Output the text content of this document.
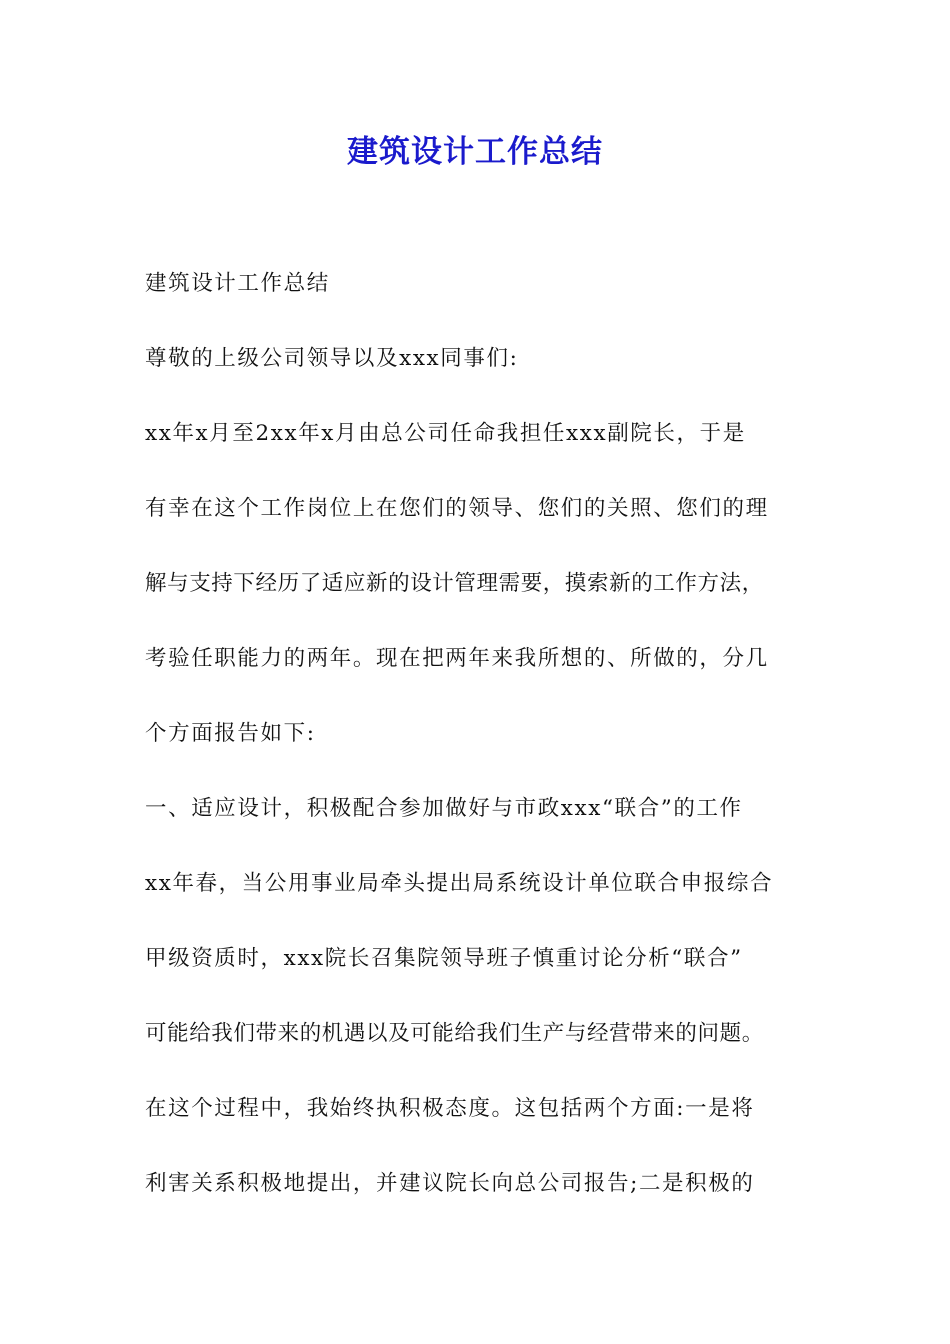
建筑设计工作总结
建筑设计工作总结
尊敬的上级公司领导以及xxx同事们:
xx年x月至2xx年x月由总公司任命我担任xxx副院长，于是
有幸在这个工作岗位上在您们的领导、您们的关照、您们的理
解与支持下经历了适应新的设计管理需要，摸索新的工作方法，
考验任职能力的两年。现在把两年来我所想的、所做的，分几
个方面报告如下:
一、适应设计，积极配合参加做好与市政xxx“联合”的工作
xx年春，当公用事业局牵头提出局系统设计单位联合申报综合
甲级资质时，xxx院长召集院领导班子慎重讨论分析“联合”
可能给我们带来的机遇以及可能给我们生产与经营带来的问题。
在这个过程中，我始终执积极态度。这包括两个方面:一是将
利害关系积极地提出，并建议院长向总公司报告;二是积极的
